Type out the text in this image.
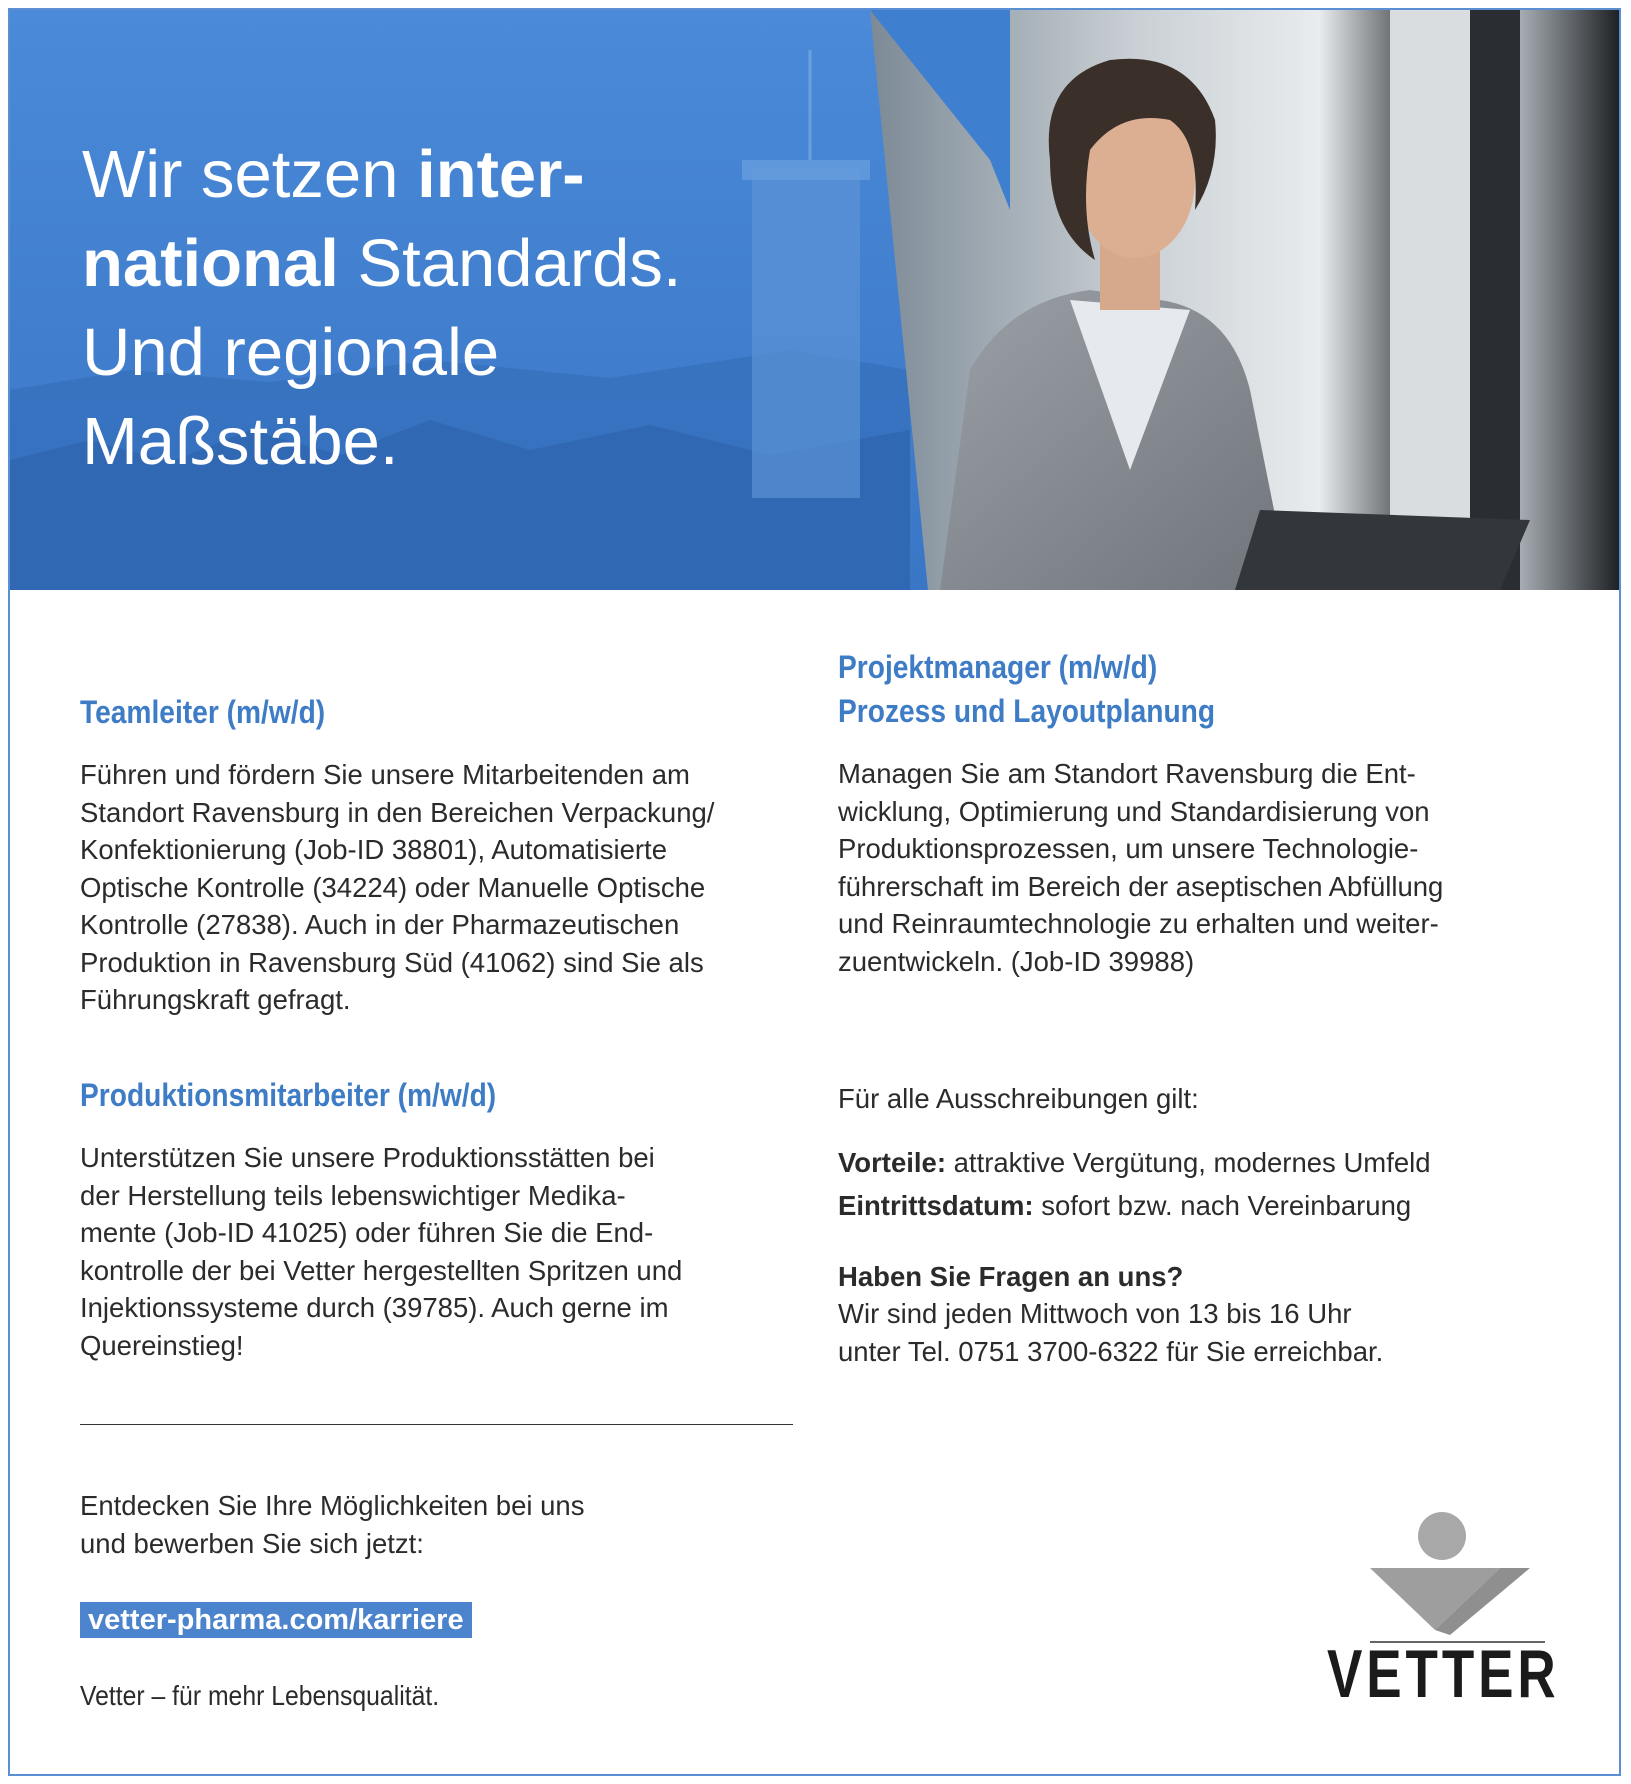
Wir setzen inter-
national Standards.
Und regionale
Maßstäbe.
Teamleiter (m/w/d)

Führen und fördern Sie unsere Mitarbeitenden am
Standort Ravensburg in den Bereichen Verpackung/
Konfektionierung (Job-ID 38801), Automatisierte
Optische Kontrolle (34224) oder Manuelle Optische
Kontrolle (27838). Auch in der Pharmazeutischen
Produktion in Ravensburg Süd (41062) sind Sie als
Führungskraft gefragt.

Produktionsmitarbeiter (m/w/d)

Unterstützen Sie unsere Produktionsstätten bei
der Herstellung teils lebenswichtiger Medika-
mente (Job-ID 41025) oder führen Sie die End-
kontrolle der bei Vetter hergestellten Spritzen und
Injektionssysteme durch (39785). Auch gerne im
Quereinstieg!

Entdecken Sie Ihre Möglichkeiten bei uns
und bewerben Sie sich jetzt:

vetter-pharma.com/karriere
Vetter – für mehr Lebensqualität.
Projektmanager (m/w/d)
Prozess und Layoutplanung

Managen Sie am Standort Ravensburg die Ent-
wicklung, Optimierung und Standardisierung von
Produktionsprozessen, um unsere Technologie-
führerschaft im Bereich der aseptischen Abfüllung
und Reinraumtechnologie zu erhalten und weiter-
zuentwickeln. (Job-ID 39988)

Für alle Ausschreibungen gilt:

Vorteile: attraktive Vergütung, modernes Umfeld

Eintrittsdatum: sofort bzw. nach Vereinbarung

Haben Sie Fragen an uns?

Wir sind jeden Mittwoch von 13 bis 16 Uhr
unter Tel. 0751 3700-6322 für Sie erreichbar.

VETTER
